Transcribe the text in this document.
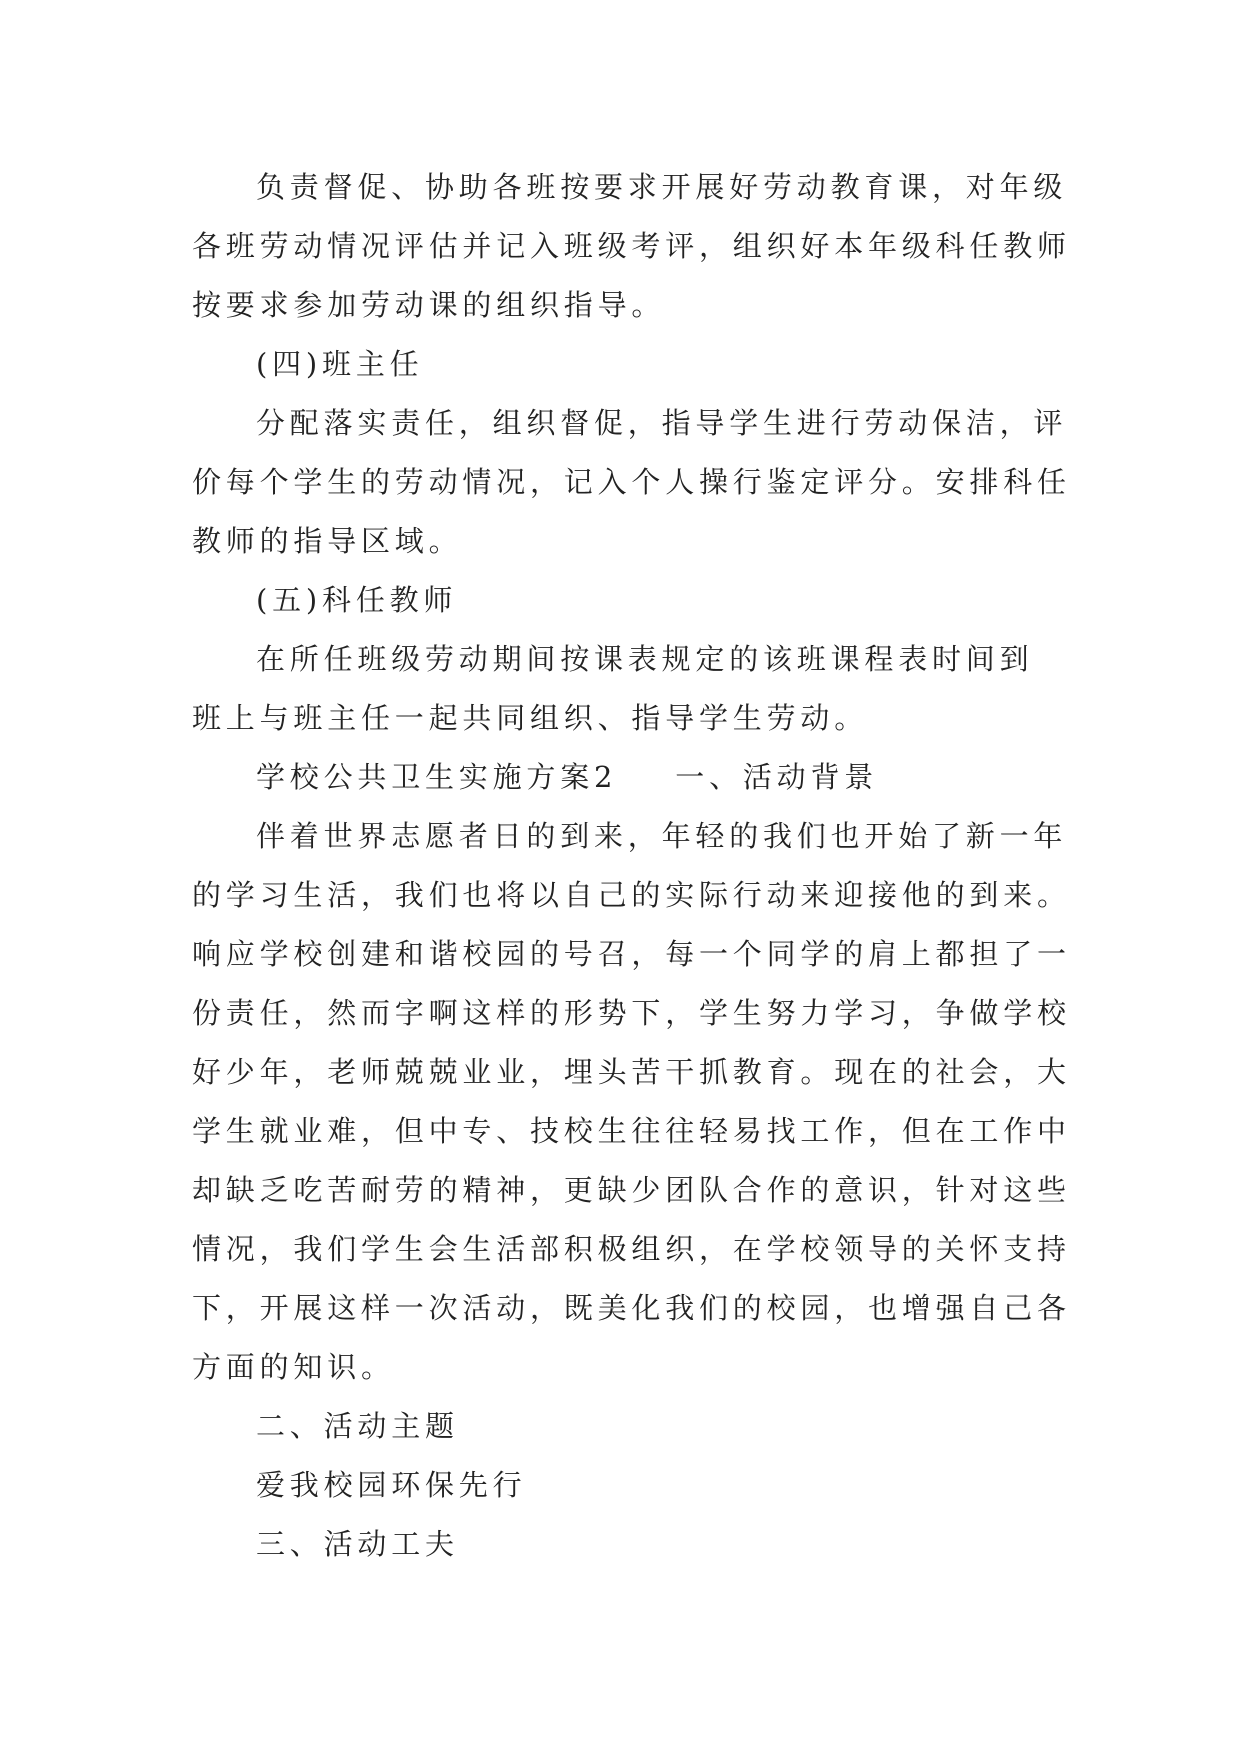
负责督促、协助各班按要求开展好劳动教育课，对年级
各班劳动情况评估并记入班级考评，组织好本年级科任教师
按要求参加劳动课的组织指导。
(四)班主任
分配落实责任，组织督促，指导学生进行劳动保洁，评
价每个学生的劳动情况，记入个人操行鉴定评分。安排科任
教师的指导区域。
(五)科任教师
在所任班级劳动期间按课表规定的该班课程表时间到
班上与班主任一起共同组织、指导学生劳动。
学校公共卫生实施方案2 一、活动背景
伴着世界志愿者日的到来，年轻的我们也开始了新一年
的学习生活，我们也将以自己的实际行动来迎接他的到来。
响应学校创建和谐校园的号召，每一个同学的肩上都担了一
份责任，然而字啊这样的形势下，学生努力学习，争做学校
好少年，老师兢兢业业，埋头苦干抓教育。现在的社会，大
学生就业难，但中专、技校生往往轻易找工作，但在工作中
却缺乏吃苦耐劳的精神，更缺少团队合作的意识，针对这些
情况，我们学生会生活部积极组织，在学校领导的关怀支持
下，开展这样一次活动，既美化我们的校园，也增强自己各
方面的知识。
二、活动主题
爱我校园环保先行
三、活动工夫
